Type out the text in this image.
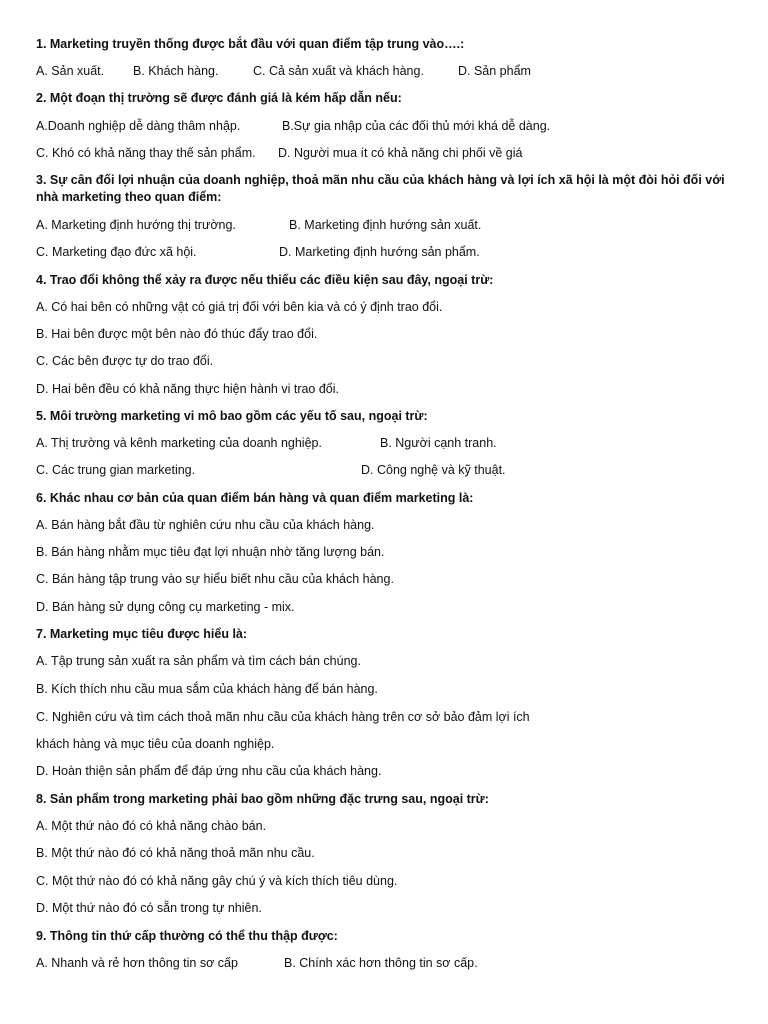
1. Marketing truyền thống được bắt đầu với quan điểm tập trung vào….:
A. Sản xuất. B. Khách hàng.	C. Cả sản xuất và khách hàng.	D. Sản phẩm
2. Một đoạn thị trường sẽ được đánh giá là kém hấp dẫn nếu:
A.Doanh nghiệp dễ dàng thâm nhập.	B.Sự gia nhập của các đối thủ mới khá dễ dàng.
C. Khó có khả năng thay thế sản phẩm. D. Người mua ít có khả năng chi phối về giá
3. Sự cân đối lợi nhuận của doanh nghiệp, thoả mãn nhu cầu của khách hàng và lợi ích xã hội là một đòi hỏi đối với
nhà marketing theo quan điểm:
A. Marketing định hướng thị trường.	B. Marketing định hướng sản xuất.
C. Marketing đạo đức xã hội.	D. Marketing định hướng sản phẩm.
4. Trao đổi không thể xảy ra được nếu thiếu các điều kiện sau đây, ngoại trừ:
A. Có hai bên có những vật có giá trị đối với bên kia và có ý định trao đổi.
B. Hai bên được một bên nào đó thúc đẩy trao đổi.
C. Các bên được tự do trao đổi.
D. Hai bên đều có khả năng thực hiện hành vi trao đổi.
5. Môi trường marketing vi mô bao gồm các yếu tố sau, ngoại trừ:
A. Thị trường và kênh marketing của doanh nghiệp.	B. Người cạnh tranh.
C. Các trung gian marketing.	D. Công nghệ và kỹ thuật.
6. Khác nhau cơ bản của quan điểm bán hàng và quan điểm marketing là:
A. Bán hàng bắt đầu từ nghiên cứu nhu cầu của khách hàng.
B. Bán hàng nhằm mục tiêu đạt lợi nhuận nhờ tăng lượng bán.
C. Bán hàng tập trung vào sự hiểu biết nhu cầu của khách hàng.
D. Bán hàng sử dụng công cụ marketing - mix.
7. Marketing mục tiêu được hiểu là:
A. Tập trung sản xuất ra sản phẩm và tìm cách bán chúng.
B. Kích thích nhu cầu mua sắm của khách hàng để bán hàng.
C. Nghiên cứu và tìm cách thoả mãn nhu cầu của khách hàng trên cơ sở bảo đảm lợi ích
khách hàng và mục tiêu của doanh nghiệp.
D. Hoàn thiện sản phẩm để đáp ứng nhu cầu của khách hàng.
8. Sản phẩm trong marketing phải bao gồm những đặc trưng sau, ngoại trừ:
A. Một thứ nào đó có khả năng chào bán.
B. Một thứ nào đó có khả năng thoả mãn nhu cầu.
C. Một thứ nào đó có khả năng gây chú ý và kích thích tiêu dùng.
D. Một thứ nào đó có sẵn trong tự nhiên.
9. Thông tin thứ cấp thường có thể thu thập được:
A. Nhanh và rẻ hơn thông tin sơ cấp	B. Chính xác hơn thông tin sơ cấp.
